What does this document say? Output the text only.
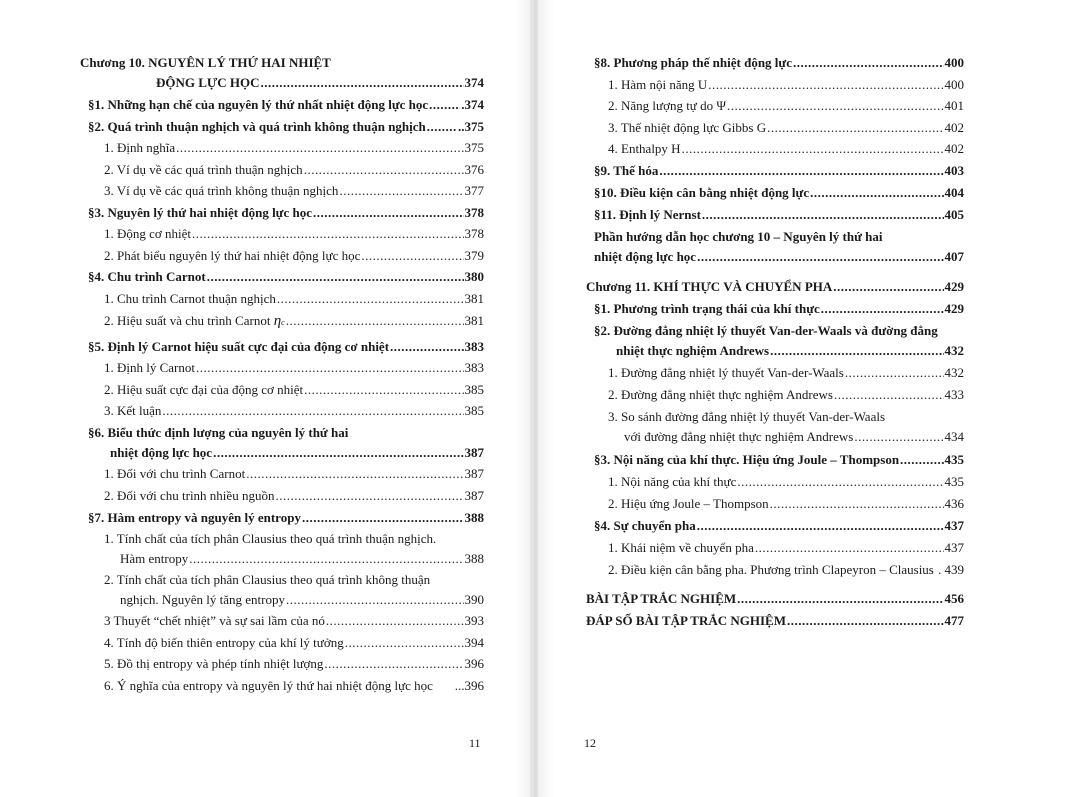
Chương 10. NGUYÊN LÝ THỨ HAI NHIỆT
ĐỘNG LỰC HỌC .....	374
§1. Những hạn chế của nguyên lý thứ nhất nhiệt động lực học .....	.374
§2. Quá trình thuận nghịch và quá trình không thuận nghịch ..... ..375
1. Định nghĩa .....	375
2. Ví dụ về các quá trình thuận nghịch .....	376
3. Ví dụ về các quá trình không thuận nghịch .....	377
§3. Nguyên lý thứ hai nhiệt động lực học .....	378
1. Động cơ nhiệt .....	378
2. Phát biểu nguyên lý thứ hai nhiệt động lực học .....	379
§4. Chu trình Carnot .....	380
1. Chu trình Carnot thuận nghịch .....	381
2. Hiệu suất và chu trình Carnot
η c .....	381
§5. Định lý Carnot hiệu suất cực đại của động cơ nhiệt .....	383
1. Định lý Carnot .....	383
2. Hiệu suất cực đại của động cơ nhiệt .....	385
3. Kết luận .....	385
§6. Biểu thức định lượng của nguyên lý thứ hai
nhiệt động lực học .....	387
1. Đối với chu trình Carnot .....	387
2. Đối với chu trình nhiều nguồn .....	387
§7. Hàm entropy và nguyên lý entropy .....	388
1. Tính chất của tích phân Clausius theo quá trình thuận nghịch.
Hàm entropy .....	388
2. Tính chất của tích phân Clausius theo quá trình không thuận
nghịch. Nguyên lý tăng entropy .....	390
3 Thuyết “chết nhiệt” và sự sai lầm của nó .....	393
4. Tính độ biến thiên entropy của khí lý tưởng .....	394
5. Đồ thị entropy và phép tính nhiệt lượng .....	396
6. Ý nghĩa của entropy và nguyên lý thứ hai nhiệt động lực học ...396
11
§8. Phương pháp thế nhiệt động lực .....	400
1. Hàm nội năng U .....	400
2. Năng lượng tự do Ψ .....	401
3. Thế nhiệt động lực Gibbs G .....	402
4. Enthalpy H .....	402
§9. Thế hóa .....	403
§10. Điều kiện cân bằng nhiệt động lực .....	404
§11. Định lý Nernst .....	405
Phần hướng dẫn học chương 10 – Nguyên lý thứ hai
nhiệt động lực học .....	407
Chương 11. KHÍ THỰC VÀ CHUYỂN PHA .....	429
§1. Phương trình trạng thái của khí thực .....	429
§2. Đường đẳng nhiệt lý thuyết Van-der-Waals và đường đẳng
nhiệt thực nghiệm Andrews .....	432
1. Đường đẳng nhiệt lý thuyết Van-der-Waals .....	432
2. Đường đẳng nhiệt thực nghiệm Andrews .....	433
3. So sánh đường đẳng nhiệt lý thuyết Van-der-Waals
với đường đẳng nhiệt thực nghiệm Andrews .....	434
§3. Nội năng của khí thực. Hiệu ứng Joule – Thompson .....	435
1. Nội năng của khí thực .....	435
2. Hiệu ứng Joule – Thompson .....	436
§4. Sự chuyển pha .....	437
1. Khái niệm về chuyển pha .....	437
2. Điều kiện cân bằng pha. Phương trình Clapeyron – Clausius . 439
BÀI TẬP TRẮC NGHIỆM .....	456
ĐÁP SỐ BÀI TẬP TRẮC NGHIỆM .....	477
12
